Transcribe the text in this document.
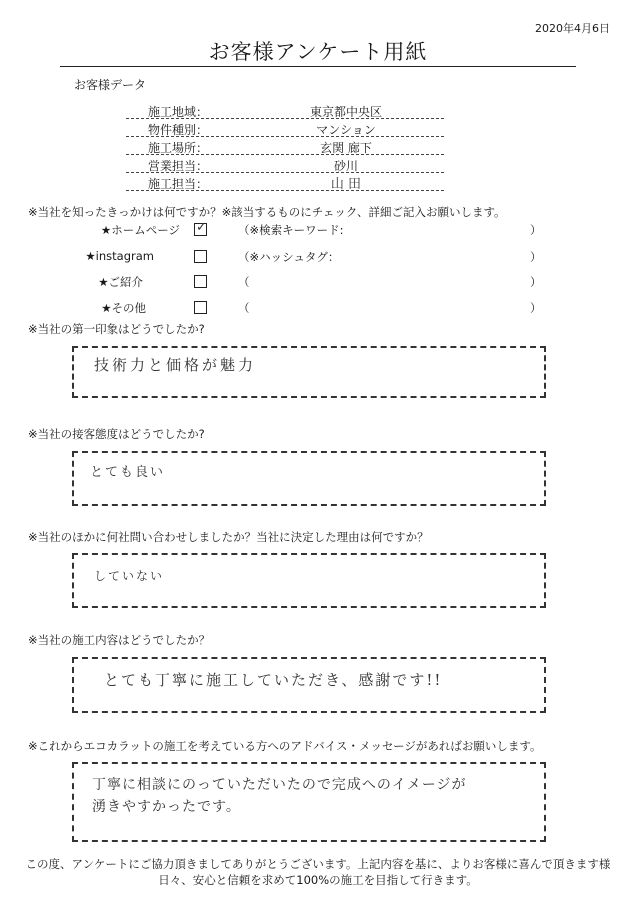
2020年4月6日
お客様アンケート用紙
お客様データ
施工地域：	東京都中央区
物件種別：	マンション
施工場所：	玄関 廊下
営業担当：	砂川
施工担当：	山 田
※当社を知ったきっかけは何ですか？※該当するものにチェック、詳細ご記入お願いします。
★ホームページ ✓	（※検索キーワード:	）
★instagram	（※ハッシュタグ：	）
★ご紹介	（	）
★その他	（	）
※当社の第一印象はどうでしたか?
技術力と価格が魅力
※当社の接客態度はどうでしたか?
とても良い
※当社のほかに何社問い合わせしましたか？当社に決定した理由は何ですか？
していない
※当社の施工内容はどうでしたか？
とても丁寧に施工していただき、感謝です!!
※これからエコカラットの施工を考えている方へのアドバイス・メッセージがあればお願いします。
丁寧に相談にのっていただいたので完成へのイメージが
湧きやすかったです。
この度、アンケートにご協力頂きましてありがとうございます。上記内容を基に、よりお客様に喜んで頂きます様
日々、安心と信頼を求めて100%の施工を目指して行きます。
